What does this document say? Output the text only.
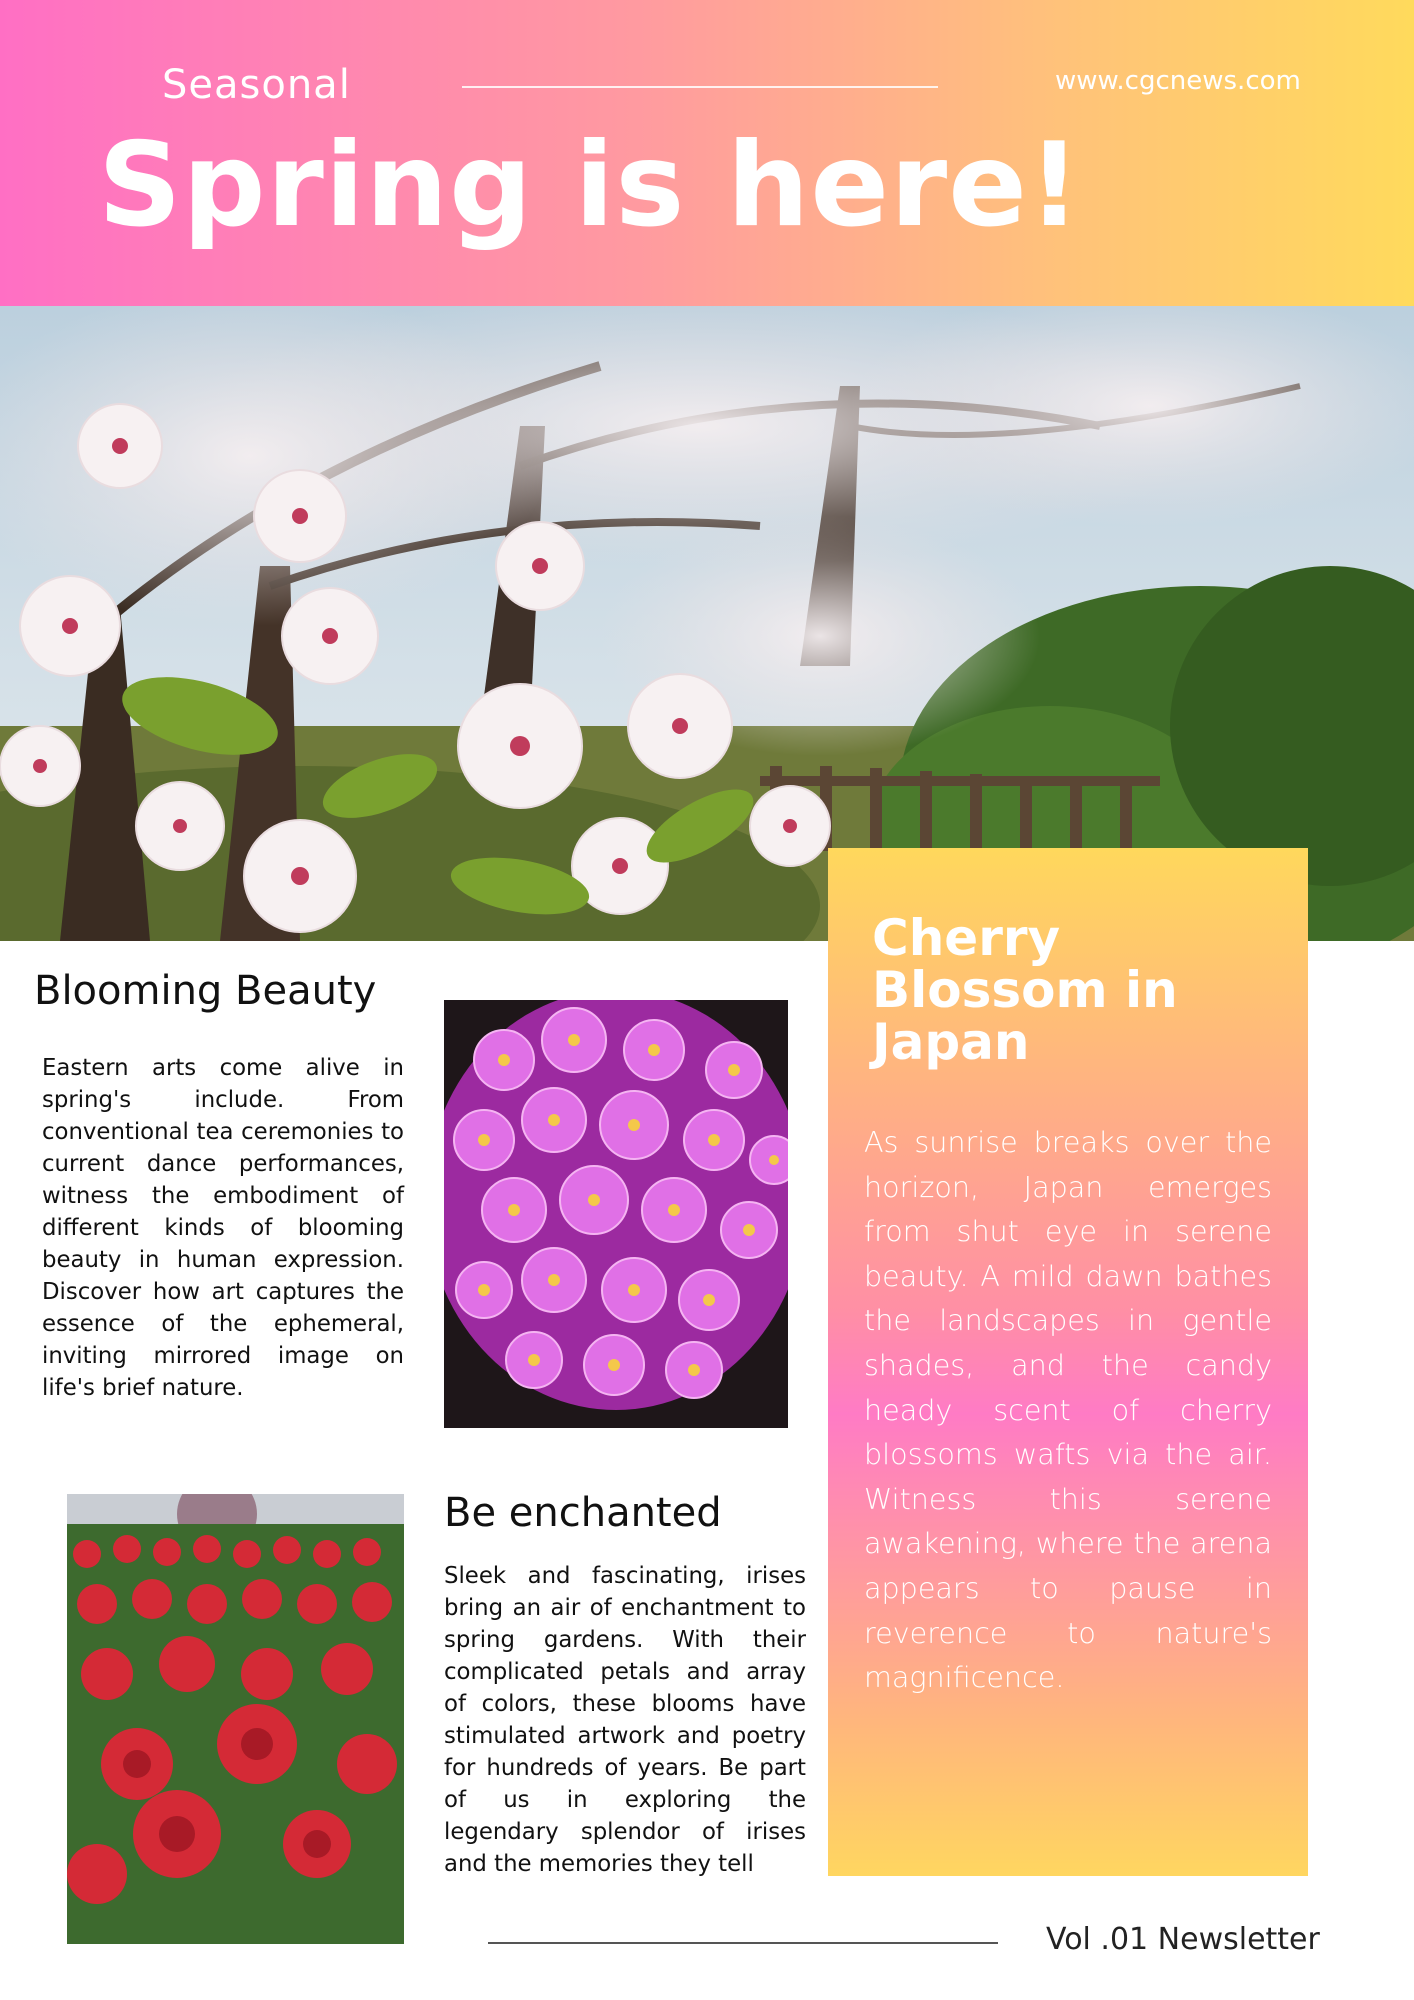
Seasonal	www.cgcnews.com
Spring is here!
Cherry Blossom in Japan
As sunrise breaks over the horizon, Japan emerges from shut eye in serene beauty. A mild dawn bathes the landscapes in gentle shades, and the candy heady scent of cherry blossoms wafts via the air. Witness this serene awakening, where the arena appears to pause in reverence to nature's magnificence.
Blooming Beauty
Eastern arts come alive in spring's include. From conventional tea ceremonies to current dance performances, witness the embodiment of different kinds of blooming beauty in human expression. Discover how art captures the essence of the ephemeral, inviting mirrored image on life's brief nature.
Be enchanted
Sleek and fascinating, irises bring an air of enchantment to spring gardens. With their complicated petals and array of colors, these blooms have stimulated artwork and poetry for hundreds of years. Be part of us in exploring the legendary splendor of irises and the memories they tell
Vol .01 Newsletter
